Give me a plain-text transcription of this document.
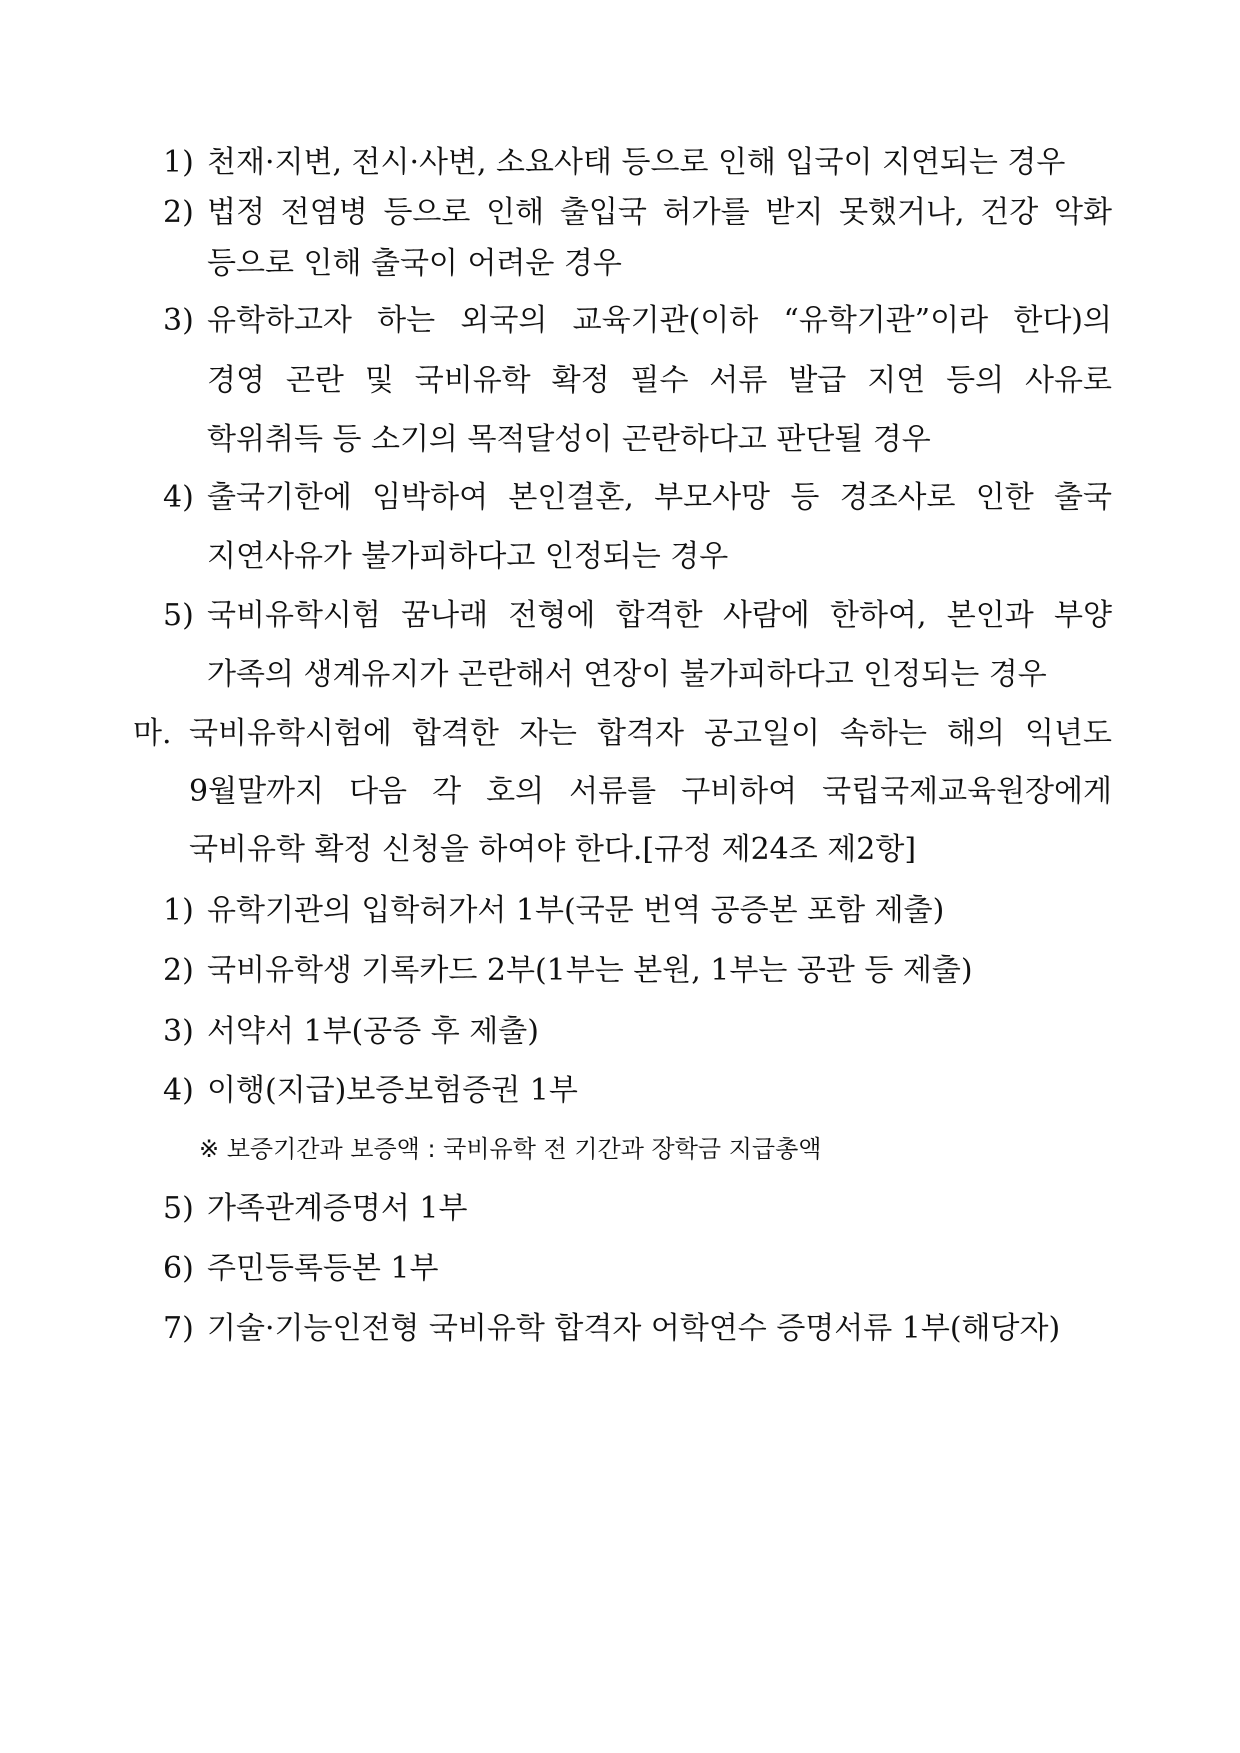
1) 천재·지변, 전시·사변, 소요사태 등으로 인해 입국이 지연되는 경우
2) 법정 전염병 등으로 인해 출입국 허가를 받지 못했거나, 건강 악화
등으로 인해 출국이 어려운 경우
3) 유학하고자 하는 외국의 교육기관(이하 “유학기관”이라 한다)의
경영 곤란 및 국비유학 확정 필수 서류 발급 지연 등의 사유로
학위취득 등 소기의 목적달성이 곤란하다고 판단될 경우
4) 출국기한에 임박하여 본인결혼, 부모사망 등 경조사로 인한 출국
지연사유가 불가피하다고 인정되는 경우
5) 국비유학시험 꿈나래 전형에 합격한 사람에 한하여, 본인과 부양
가족의 생계유지가 곤란해서 연장이 불가피하다고 인정되는 경우
마. 국비유학시험에 합격한 자는 합격자 공고일이 속하는 해의 익년도
9월말까지 다음 각 호의 서류를 구비하여 국립국제교육원장에게
국비유학 확정 신청을 하여야 한다.[규정 제24조 제2항]
1) 유학기관의 입학허가서 1부(국문 번역 공증본 포함 제출)
2) 국비유학생 기록카드 2부(1부는 본원, 1부는 공관 등 제출)
3) 서약서 1부(공증 후 제출)
4) 이행(지급)보증보험증권 1부
※ 보증기간과 보증액 : 국비유학 전 기간과 장학금 지급총액
5) 가족관계증명서 1부
6) 주민등록등본 1부
7) 기술·기능인전형 국비유학 합격자 어학연수 증명서류 1부(해당자)
